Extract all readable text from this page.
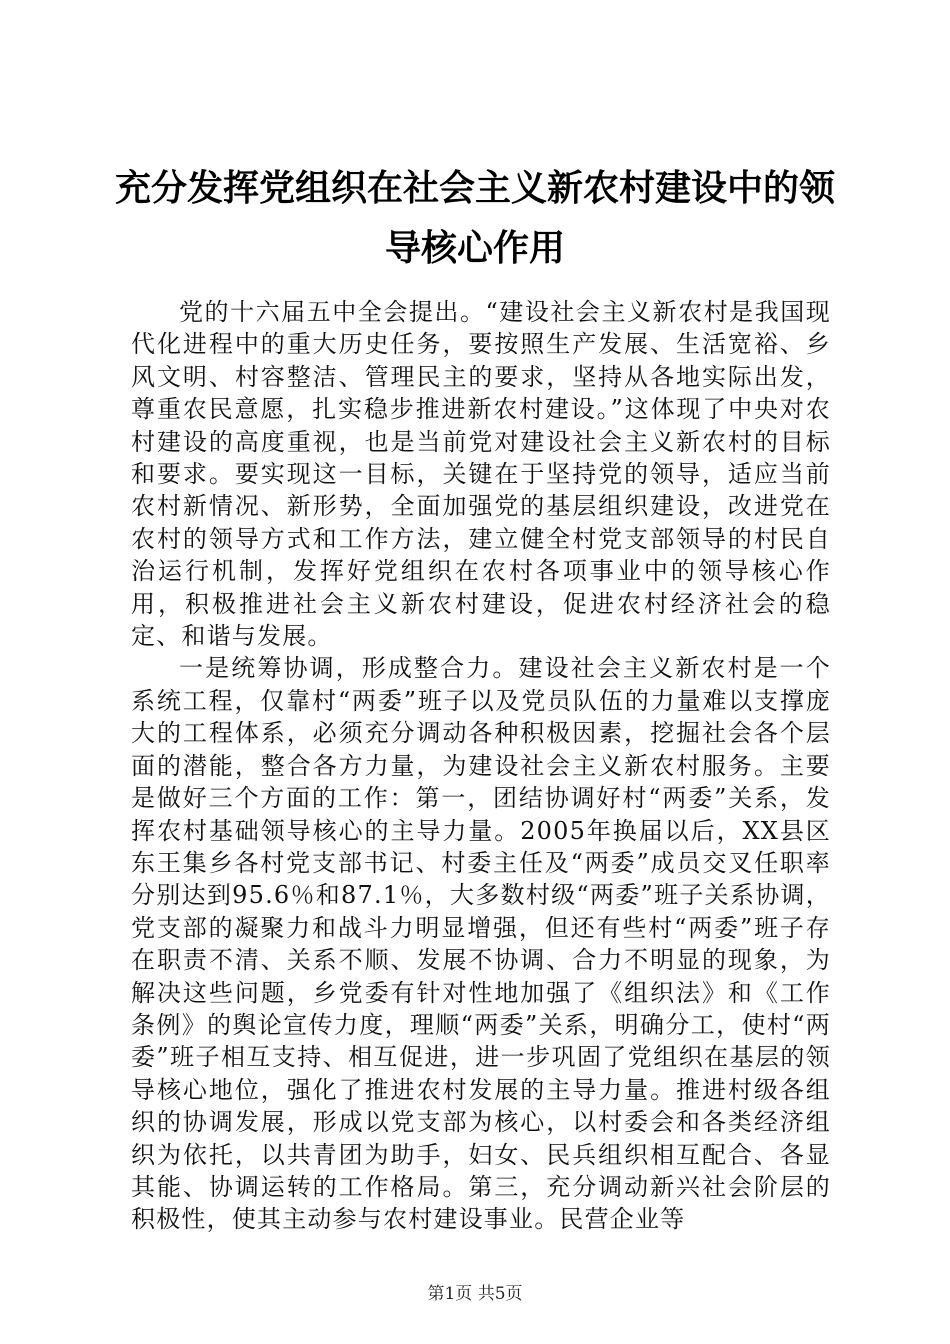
充分发挥党组织在社会主义新农村建设中的领导核心作用

党的十六届五中全会提出。“建设社会主义新农村是我国现代化进程中的重大历史任务，要按照生产发展、生活宽裕、乡风文明、村容整洁、管理民主的要求，坚持从各地实际出发，尊重农民意愿，扎实稳步推进新农村建设。”这体现了中央对农村建设的高度重视，也是当前党对建设社会主义新农村的目标和要求。要实现这一目标，关键在于坚持党的领导，适应当前农村新情况、新形势，全面加强党的基层组织建设，改进党在农村的领导方式和工作方法，建立健全村党支部领导的村民自治运行机制，发挥好党组织在农村各项事业中的领导核心作用，积极推进社会主义新农村建设，促进农村经济社会的稳定、和谐与发展。

一是统筹协调，形成整合力。建设社会主义新农村是一个系统工程，仅靠村“两委”班子以及党员队伍的力量难以支撑庞大的工程体系，必须充分调动各种积极因素，挖掘社会各个层面的潜能，整合各方力量，为建设社会主义新农村服务。主要是做好三个方面的工作：第一，团结协调好村“两委”关系，发挥农村基础领导核心的主导力量。2005年换届以后，XX县区东王集乡各村党支部书记、村委主任及“两委”成员交叉任职率分别达到95.6％和87.1％，大多数村级“两委”班子关系协调，党支部的凝聚力和战斗力明显增强，但还有些村“两委”班子存在职责不清、关系不顺、发展不协调、合力不明显的现象，为解决这些问题，乡党委有针对性地加强了《组织法》和《工作条例》的舆论宣传力度，理顺“两委”关系，明确分工，使村“两委”班子相互支持、相互促进，进一步巩固了党组织在基层的领导核心地位，强化了推进农村发展的主导力量。推进村级各组织的协调发展，形成以党支部为核心，以村委会和各类经济组织为依托，以共青团为助手，妇女、民兵组织相互配合、各显其能、协调运转的工作格局。第三，充分调动新兴社会阶层的积极性，使其主动参与农村建设事业。民营企业等

第1页 共5页
